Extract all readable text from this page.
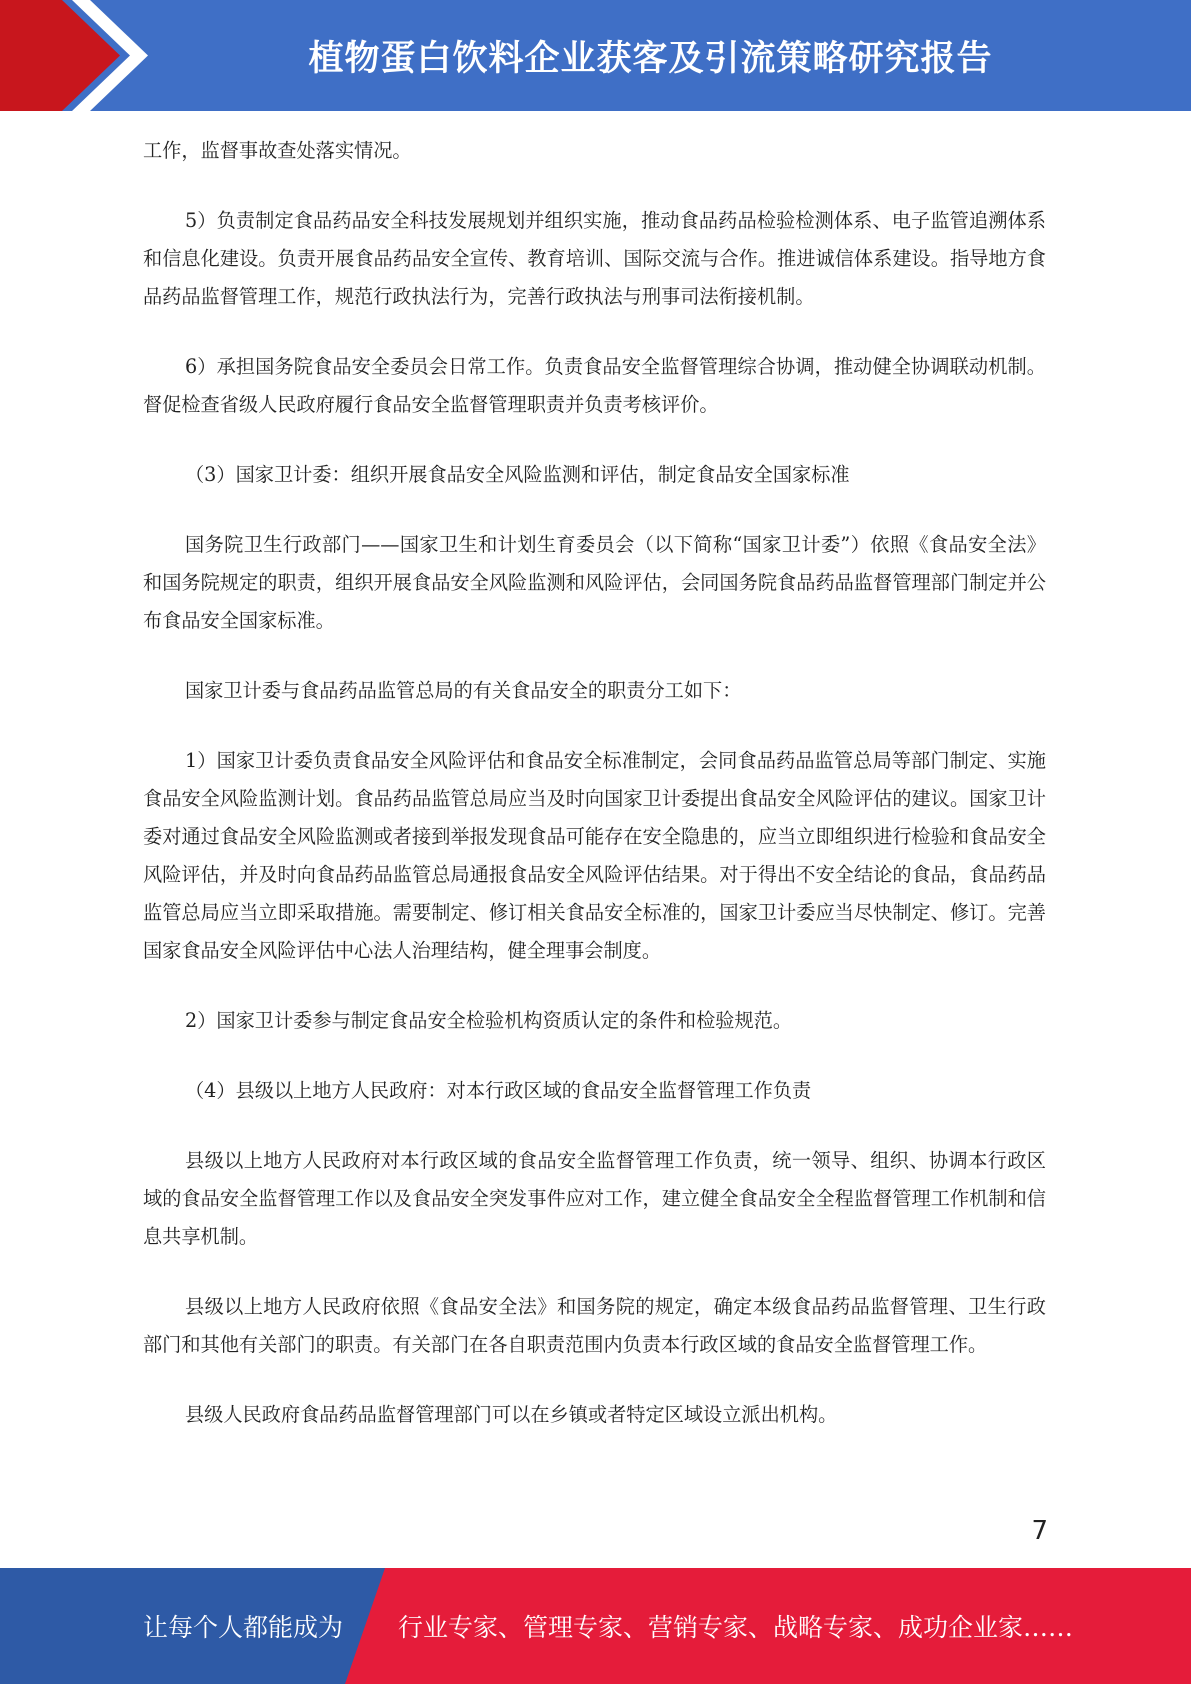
植物蛋白饮料企业获客及引流策略研究报告

工作，监督事故查处落实情况。

5）负责制定食品药品安全科技发展规划并组织实施，推动食品药品检验检测体系、电子监管追溯体系和信息化建设。负责开展食品药品安全宣传、教育培训、国际交流与合作。推进诚信体系建设。指导地方食品药品监督管理工作，规范行政执法行为，完善行政执法与刑事司法衔接机制。

6）承担国务院食品安全委员会日常工作。负责食品安全监督管理综合协调，推动健全协调联动机制。督促检查省级人民政府履行食品安全监督管理职责并负责考核评价。

（3）国家卫计委：组织开展食品安全风险监测和评估，制定食品安全国家标准

国务院卫生行政部门——国家卫生和计划生育委员会（以下简称“国家卫计委”）依照《食品安全法》和国务院规定的职责，组织开展食品安全风险监测和风险评估，会同国务院食品药品监督管理部门制定并公布食品安全国家标准。

国家卫计委与食品药品监管总局的有关食品安全的职责分工如下：

1）国家卫计委负责食品安全风险评估和食品安全标准制定，会同食品药品监管总局等部门制定、实施食品安全风险监测计划。食品药品监管总局应当及时向国家卫计委提出食品安全风险评估的建议。国家卫计委对通过食品安全风险监测或者接到举报发现食品可能存在安全隐患的，应当立即组织进行检验和食品安全风险评估，并及时向食品药品监管总局通报食品安全风险评估结果。对于得出不安全结论的食品，食品药品监管总局应当立即采取措施。需要制定、修订相关食品安全标准的，国家卫计委应当尽快制定、修订。完善国家食品安全风险评估中心法人治理结构，健全理事会制度。

2）国家卫计委参与制定食品安全检验机构资质认定的条件和检验规范。

（4）县级以上地方人民政府：对本行政区域的食品安全监督管理工作负责

县级以上地方人民政府对本行政区域的食品安全监督管理工作负责，统一领导、组织、协调本行政区域的食品安全监督管理工作以及食品安全突发事件应对工作，建立健全食品安全全程监督管理工作机制和信息共享机制。

县级以上地方人民政府依照《食品安全法》和国务院的规定，确定本级食品药品监督管理、卫生行政部门和其他有关部门的职责。有关部门在各自职责范围内负责本行政区域的食品安全监督管理工作。

县级人民政府食品药品监督管理部门可以在乡镇或者特定区域设立派出机构。

7
让每个人都能成为 行业专家、管理专家、营销专家、战略专家、成功企业家……
